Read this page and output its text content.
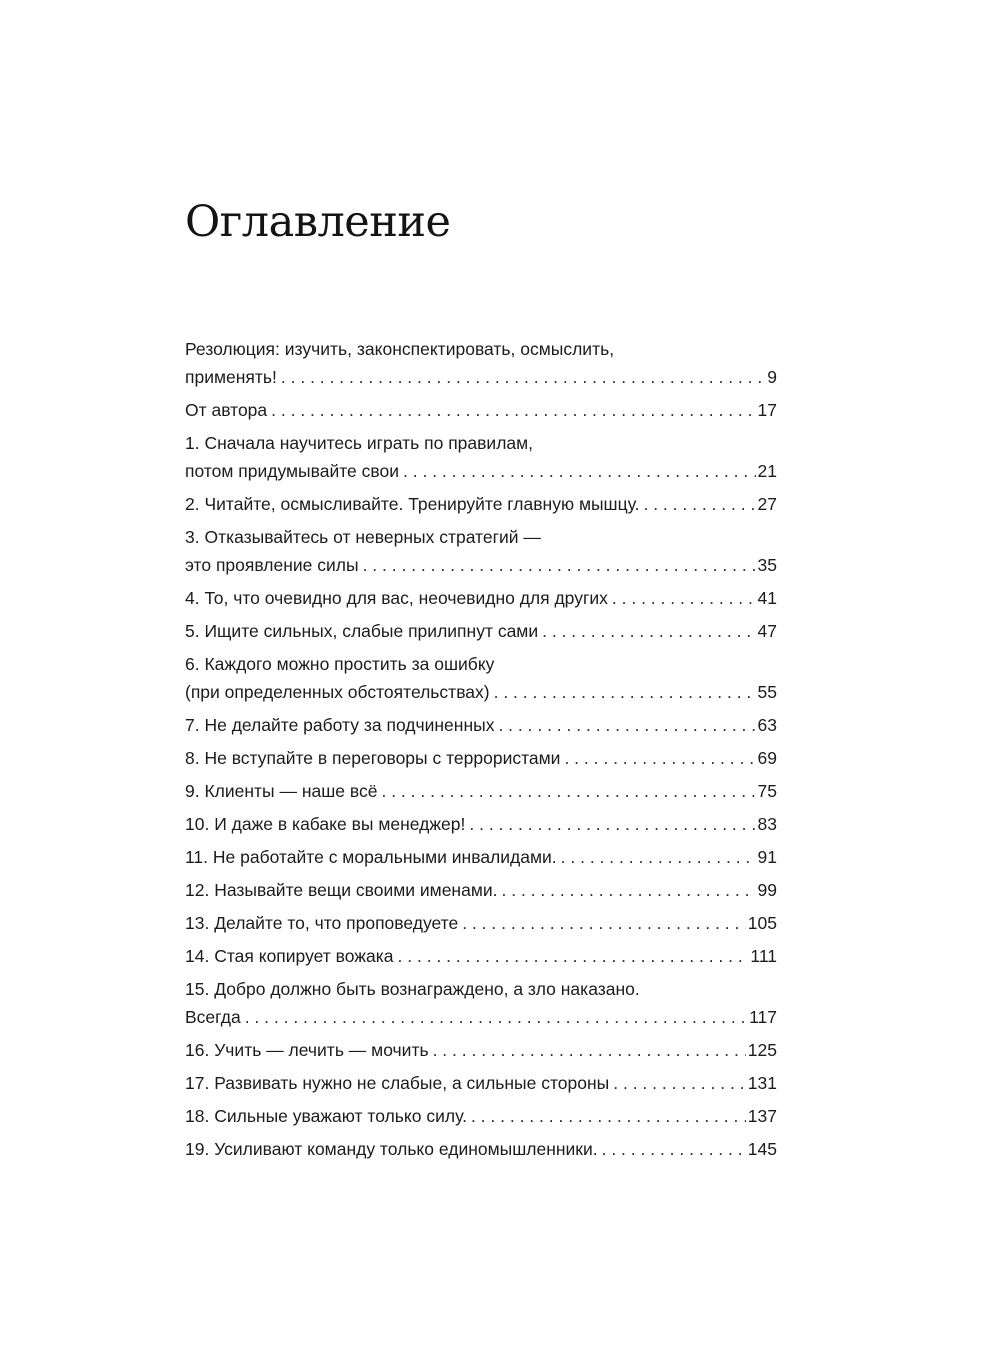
Оглавление
Резолюция: изучить, законспектировать, осмыслить,
применять! . . .	9
От автора . . .	17
1. Сначала научитесь играть по правилам,
потом придумывайте свои . . .	21
2. Читайте, осмысливайте. Тренируйте главную мышцу. . . .	27
3. Отказывайтесь от неверных стратегий —
это проявление силы . . .	35
4. То, что очевидно для вас, неочевидно для других . . .	41
5. Ищите сильных, слабые прилипнут сами . . .	47
6. Каждого можно простить за ошибку
(при определенных обстоятельствах) . . .	55
7. Не делайте работу за подчиненных . . .	63
8. Не вступайте в переговоры с террористами . . .	69
9. Клиенты — наше всё . . .	75
10. И даже в кабаке вы менеджер! . . .	83
11. Не работайте с моральными инвалидами. . . .	91
12. Называйте вещи своими именами. . . .	99
13. Делайте то, что проповедуете . . .	105
14. Стая копирует вожака . . .	111
15. Добро должно быть вознаграждено, а зло наказано.
Всегда . . .	117
16. Учить — лечить — мочить . . .	125
17. Развивать нужно не слабые, а сильные стороны . . .	131
18. Сильные уважают только силу. . . .	137
19. Усиливают команду только единомышленники. . . .	145
